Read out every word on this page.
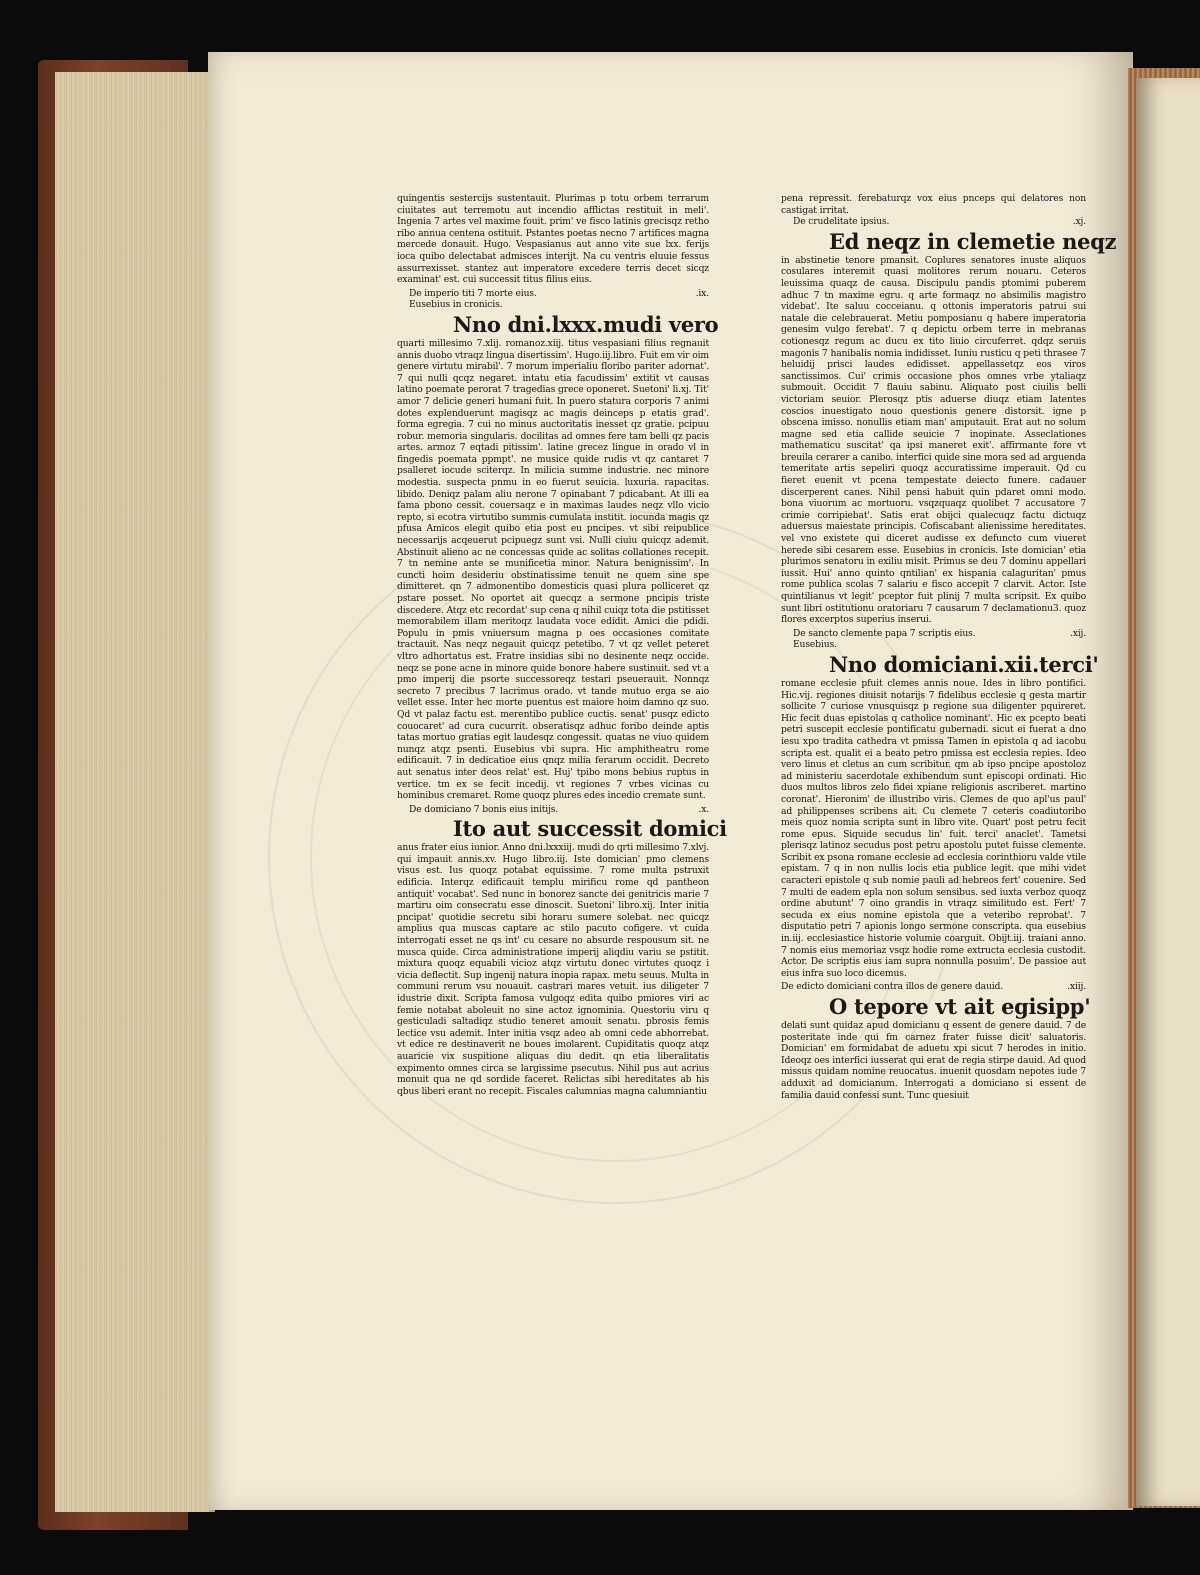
quingentis sestercijs sustentauit. Plurimas p totu orbem terrarum ciuitates aut terremotu aut incendio afflictas restituit in meli'. Ingenia 7 artes vel maxime fouit. prim' ve fisco latinis grecisqz retho ribo annua centena ostituit. Pstantes poetas necno 7 artifices magna mercede donauit. Hugo. Vespasianus aut anno vite sue lxx. ferijs ioca quibo delectabat admisces interijt. Na cu ventris eluuie fessus assurrexisset. stantez aut imperatore excedere terris decet sicqz examinat' est. cui successit titus filius eius.

De imperio titi 7 morte eius.	.ix.
Eusebius in cronicis.
Nno dni.lxxx.mudi vero

quarti millesimo 7.xlij. romanoz.xiij. titus vespasiani filius regnauit annis duobo vtraqz lingua disertissim'. Hugo.iij.libro. Fuit em vir oim genere virtutu mirabil'. 7 morum imperialiu floribo pariter adornat'. 7 qui nulli qcqz negaret. intatu etia facudissim' extitit vt causas latino poemate perorat 7 tragedias grece oponeret. Suetoni' li.xj. Tit' amor 7 delicie generi humani fuit. In puero statura corporis 7 animi dotes explenduerunt magisqz ac magis deinceps p etatis grad'. forma egregia. 7 cui no minus auctoritatis inesset qz gratie. pcipuu robur. memoria singularis. docilitas ad omnes fere tam belli qz pacis artes. armoz 7 eqtadi pitissim'. latine grecez lingue in orado vl in fingedis poemata ppmpt'. ne musice quide rudis vt qz cantaret 7 psalleret iocude sciterqz. In milicia summe industrie. nec minore modestia. suspecta pnmu in eo fuerut seuicia. luxuria. rapacitas. libido. Deniqz palam aliu nerone 7 opinabant 7 pdicabant. At illi ea fama pbono cessit. couersaqz e in maximas laudes neqz vllo vicio repto, si ecotra virtutibo summis cumulata institit. iocunda magis qz pfusa Amicos elegit quibo etia post eu pncipes. vt sibi reipublice necessarijs acqeuerut pcipuegz sunt vsi. Nulli ciuiu quicqz ademit. Abstinuit alieno ac ne concessas quide ac solitas collationes recepit. 7 tn nemine ante se munificetia minor. Natura benignissim'. In cuncti hoim desideriu obstinatissime tenuit ne quem sine spe dimitteret. qn 7 admonentibo domesticis quasi plura polliceret qz pstare posset. No oportet ait quecqz a sermone pncipis triste discedere. Atqz etc recordat' sup cena q nihil cuiqz tota die pstitisset memorabilem illam meritoqz laudata voce edidit. Amici die pdidi. Populu in pmis vniuersum magna p oes occasiones comitate tractauit. Nas neqz negauit quicqz petetibo. 7 vt qz vellet peteret vltro adhortatus est. Fratre insidias sibi no desinente neqz occide. neqz se pone acne in minore quide bonore habere sustinuit. sed vt a pmo imperij die psorte successoreqz testari pseuerauit. Nonnqz secreto 7 precibus 7 lacrimus orado. vt tande mutuo erga se aio vellet esse. Inter hec morte puentus est maiore hoim damno qz suo. Qd vt palaz factu est. merentibo publice cuctis. senat' pusqz edicto couocaret' ad cura cucurrit. obseratisqz adhuc foribo deinde aptis tatas mortuo gratias egit laudesqz congessit. quatas ne viuo quidem nunqz atqz psenti. Eusebius vbi supra. Hic amphitheatru rome edificauit. 7 in dedicatioe eius qnqz milia ferarum occidit. Decreto aut senatus inter deos relat' est. Huj' tpibo mons bebius ruptus in vertice. tm ex se fecit incedij. vt regiones 7 vrbes vicinas cu hominibus cremaret. Rome quoqz plures edes incedio cremate sunt.

De domiciano 7 bonis eius initijs.	.x.
Ito aut successit domici

anus frater eius iunior. Anno dni.lxxxiij. mudi do qrti millesimo 7.xlvj. qui impauit annis.xv. Hugo libro.iij. Iste domician' pmo clemens visus est. Ius quoqz potabat equissime. 7 rome multa pstruxit edificia. Interqz edificauit templu mirificu rome qd pantheon antiquit' vocabat'. Sed nunc in bonorez sancte dei genitricis marie 7 martiru oim consecratu esse dinoscit. Suetoni' libro.xij. Inter initia pncipat' quotidie secretu sibi horaru sumere solebat. nec quicqz amplius qua muscas captare ac stilo pacuto cofigere. vt cuida interrogati esset ne qs int' cu cesare no absurde respousum sit. ne musca quide. Circa administratione imperij aliqdiu variu se pstitit. mixtura quoqz equabili vicioz atqz virtutu donec virtutes quoqz i vicia deflectit. Sup ingenij natura inopia rapax. metu seuus. Multa in communi rerum vsu nouauit. castrari mares vetuit. ius diligeter 7 idustrie dixit. Scripta famosa vulgoqz edita quibo pmiores viri ac femie notabat aboleuit no sine actoz ignominia. Questoriu viru q gesticuladi saltadiqz studio teneret amouit senatu. pbrosis femis lectice vsu ademit. Inter initia vsqz adeo ab omni cede abhorrebat. vt edice re destinaverit ne boues imolarent. Cupiditatis quoqz atqz auaricie vix suspitione aliquas diu dedit. qn etia liberalitatis expimento omnes circa se largissime psecutus. Nihil pus aut acrius monuit qua ne qd sordide faceret. Relictas sibi hereditates ab his qbus liberi erant no recepit. Fiscales calumnias magna calumniantiu

pena repressit. ferebaturqz vox eius pnceps qui delatores non castigat irritat.

De crudelitate ipsius.	.xj.
Ed neqz in clemetie neqz

in abstinetie tenore pmansit. Coplures senatores inuste aliquos cosulares interemit quasi molitores rerum nouaru. Ceteros leuissima quaqz de causa. Discipulu pandis ptomimi puberem adhuc 7 tn maxime egru. q arte formaqz no absimilis magistro videbat'. Ite saluu cocceianu. q ottonis imperatoris patrui sui natale die celebrauerat. Metiu pomposianu q habere imperatoria genesim vulgo ferebat'. 7 q depictu orbem terre in mebranas cotionesqz regum ac ducu ex tito liuio circuferret. qdqz seruis magonis 7 hanibalis nomia indidisset. Iuniu rusticu q peti thrasee 7 heluidij prisci laudes edidisset. appellassetqz eos viros sanctissimos. Cui' crimis occasione phos omnes vrbe ytaliaqz submouit. Occidit 7 flauiu sabinu. Aliquato post ciuilis belli victoriam seuior. Plerosqz ptis aduerse diuqz etiam latentes coscios inuestigato nouo questionis genere distorsit. igne p obscena imisso. nonullis etiam man' amputauit. Erat aut no solum magne sed etia callide seuicie 7 inopinate. Asseclationes mathematicu suscitat' qa ipsi maneret exit'. affirmante fore vt breuila cerarer a canibo. interfici quide sine mora sed ad arguenda temeritate artis sepeliri quoqz accuratissime imperauit. Qd cu fieret euenit vt pcena tempestate deiecto funere. cadauer discerperent canes. Nihil pensi habuit quin pdaret omni modo. bona viuorum ac mortuoru. vsqzquaqz quolibet 7 accusatore 7 crimie corripiebat'. Satis erat obijci qualecuqz factu dictuqz aduersus maiestate principis. Cofiscabant alienissime hereditates. vel vno existete qui diceret audisse ex defuncto cum viueret herede sibi cesarem esse. Eusebius in cronicis. Iste domician' etia plurimos senatoru in exiliu misit. Primus se deu 7 dominu appellari iussit. Hui' anno quinto qntilian' ex hispania calaguritan' pmus rome publica scolas 7 salariu e fisco accepit 7 clarvit. Actor. Iste quintilianus vt legit' pceptor fuit plinij 7 multa scripsit. Ex quibo sunt libri ostitutionu oratoriaru 7 causarum 7 declamationu3. quoz flores excerptos superius inserui.

De sancto clemente papa 7 scriptis eius.	.xij.
Eusebius.
Nno domiciani.xii.terci'

romane ecclesie pfuit clemes annis noue. Ides in libro pontifici. Hic.vij. regiones diuisit notarijs 7 fidelibus ecclesie q gesta martir sollicite 7 curiose vnusquisqz p regione sua diligenter pquireret. Hic fecit duas epistolas q catholice nominant'. Hic ex pcepto beati petri suscepit ecclesie pontificatu gubernadi. sicut ei fuerat a dno iesu xpo tradita cathedra vt pmissa Tamen in epistola q ad iacobu scripta est. qualit ei a beato petro pmissa est ecclesia repies. Ideo vero linus et cletus an cum scribitur. qm ab ipso pncipe apostoloz ad ministeriu sacerdotale exhibendum sunt episcopi ordinati. Hic duos multos libros zelo fidei xpiane religionis ascriberet. martino coronat'. Hieronim' de illustribo viris. Clemes de quo apl'us paul' ad philippenses scribens ait. Cu clemete 7 ceteris coadiutoribo meis quoz nomia scripta sunt in libro vite. Quart' post petru fecit rome epus. Siquide secudus lin' fuit. terci' anaclet'. Tametsi plerisqz latinoz secudus post petru apostolu putet fuisse clemente. Scribit ex psona romane ecclesie ad ecclesia corinthioru valde vtile epistam. 7 q in non nullis locis etia publice legit. que mihi videt caracteri epistole q sub nomie pauli ad hebreos fert' couenire. Sed 7 multi de eadem epla non solum sensibus. sed iuxta verboz quoqz ordine abutunt' 7 oino grandis in vtraqz similitudo est. Fert' 7 secuda ex eius nomine epistola que a veteribo reprobat'. 7 disputatio petri 7 apionis longo sermone conscripta. qua eusebius in.iij. ecclesiastice historie volumie coarguit. Obijt.iij. traiani anno. 7 nomis eius memoriaz vsqz hodie rome extructa ecclesia custodit. Actor. De scriptis eius iam supra nonnulla posuim'. De passioe aut eius infra suo loco dicemus.

De edicto domiciani contra illos de genere dauid.	.xiij.
O tepore vt ait egisipp'

delati sunt quidaz apud domicianu q essent de genere dauid. 7 de posteritate inde qui fm carnez frater fuisse dicit' saluatoris. Domician' em formidabat de aduetu xpi sicut 7 herodes in initio. Ideoqz oes interfici iusserat qui erat de regia stirpe dauid. Ad quod missus quidam nomine reuocatus. inuenit quosdam nepotes iude 7 adduxit ad domicianum. Interrogati a domiciano si essent de familia dauid confessi sunt. Tunc quesiuit
